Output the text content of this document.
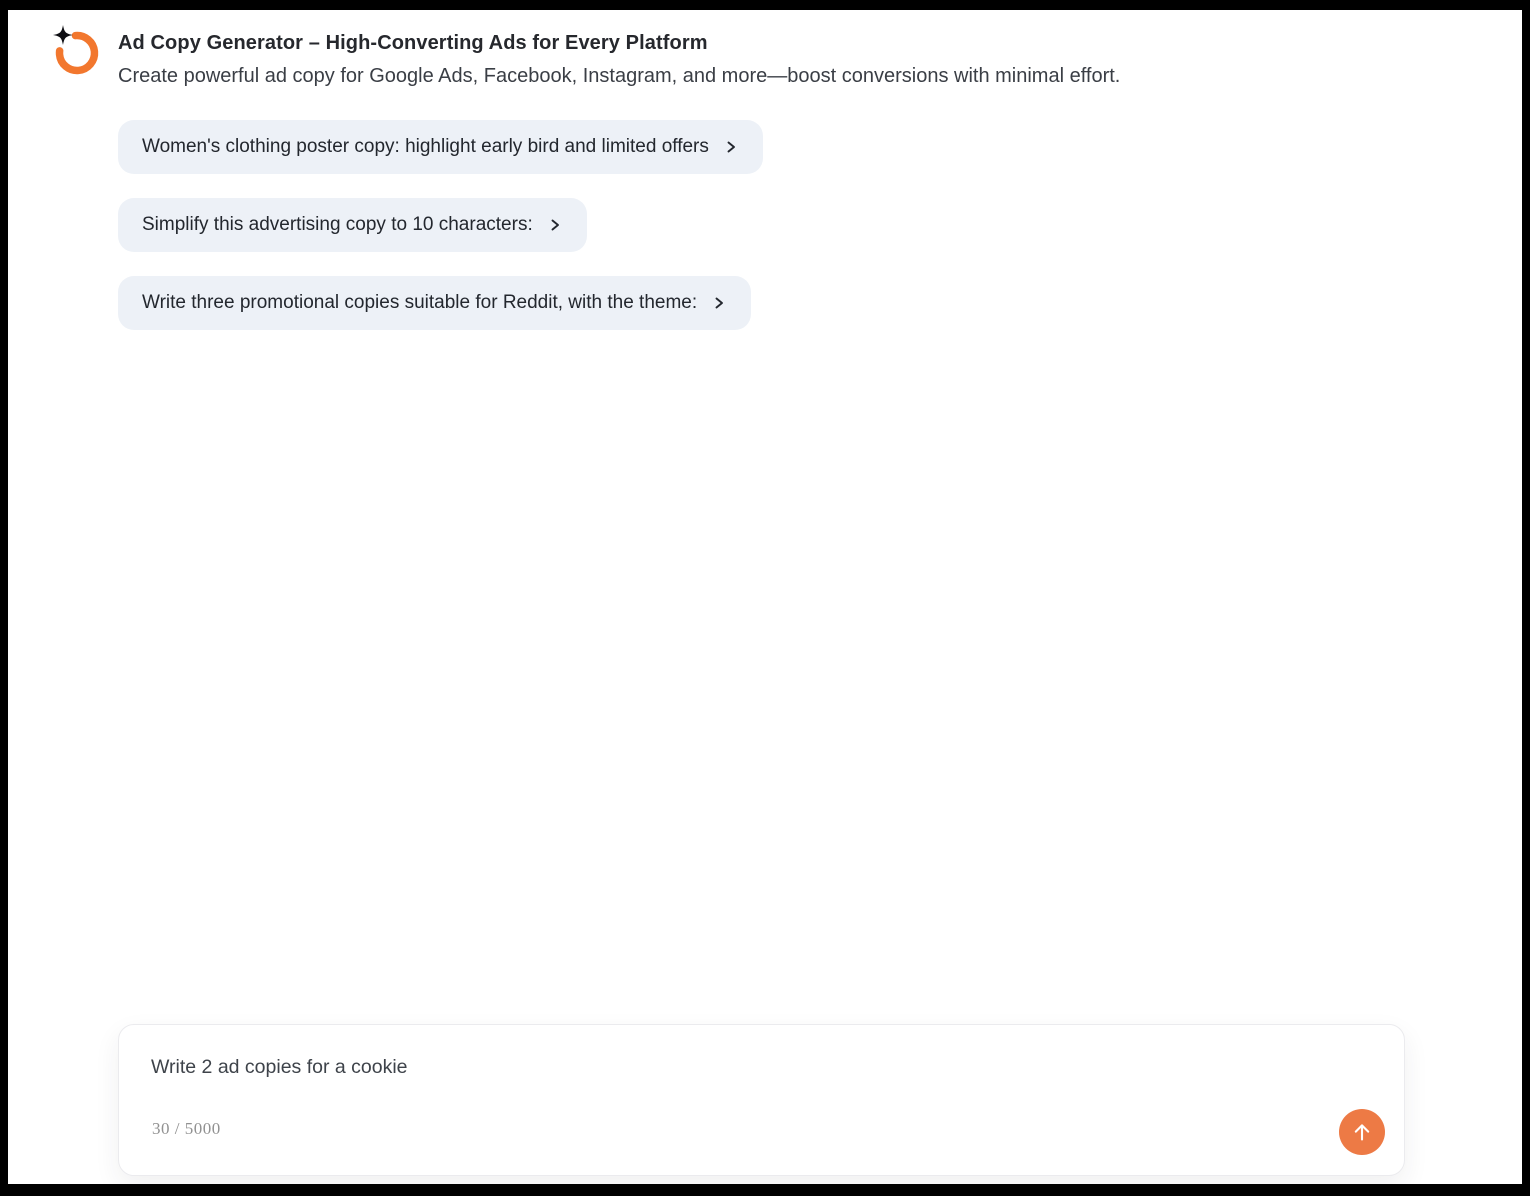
Ad Copy Generator – High-Converting Ads for Every Platform
Create powerful ad copy for Google Ads, Facebook, Instagram, and more—boost conversions with minimal effort.
Women's clothing poster copy: highlight early bird and limited offers
Simplify this advertising copy to 10 characters:
Write three promotional copies suitable for Reddit, with the theme:
Write 2 ad copies for a cookie
30 / 5000
